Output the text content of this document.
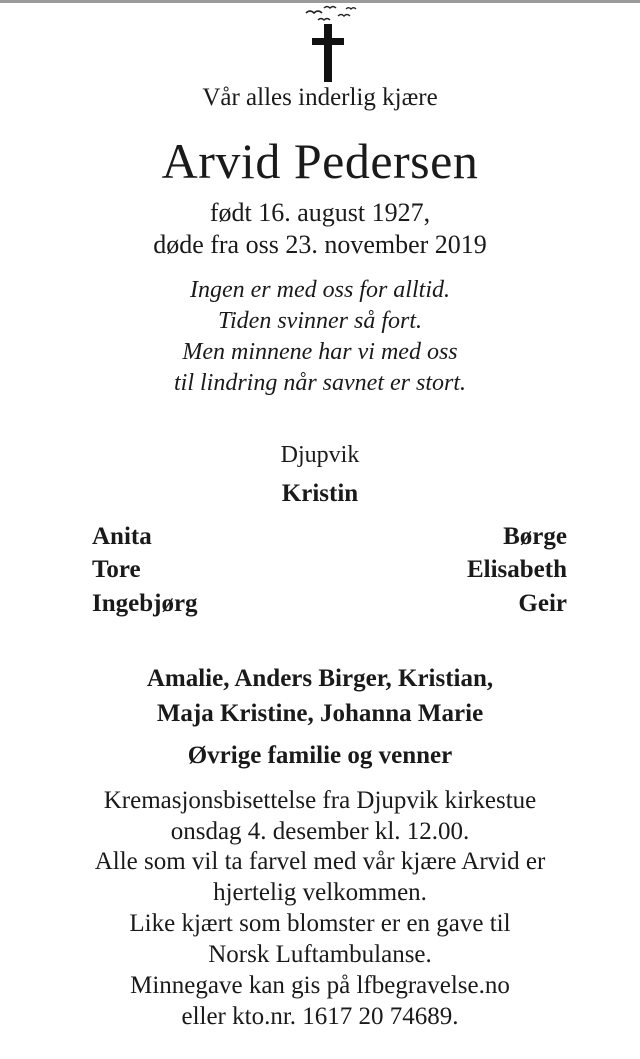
Vår alles inderlig kjære
Arvid Pedersen
født 16. august 1927,
døde fra oss 23. november 2019
Ingen er med oss for alltid.
Tiden svinner så fort.
Men minnene har vi med oss
til lindring når savnet er stort.
Djupvik
Kristin
Anita
Tore
Ingebjørg
Børge
Elisabeth
Geir
Amalie, Anders Birger, Kristian,
Maja Kristine, Johanna Marie
Øvrige familie og venner
Kremasjonsbisettelse fra Djupvik kirkestue
onsdag 4. desember kl. 12.00.
Alle som vil ta farvel med vår kjære Arvid er
hjertelig velkommen.
Like kjært som blomster er en gave til
Norsk Luftambulanse.
Minnegave kan gis på lfbegravelse.no
eller kto.nr. 1617 20 74689.
